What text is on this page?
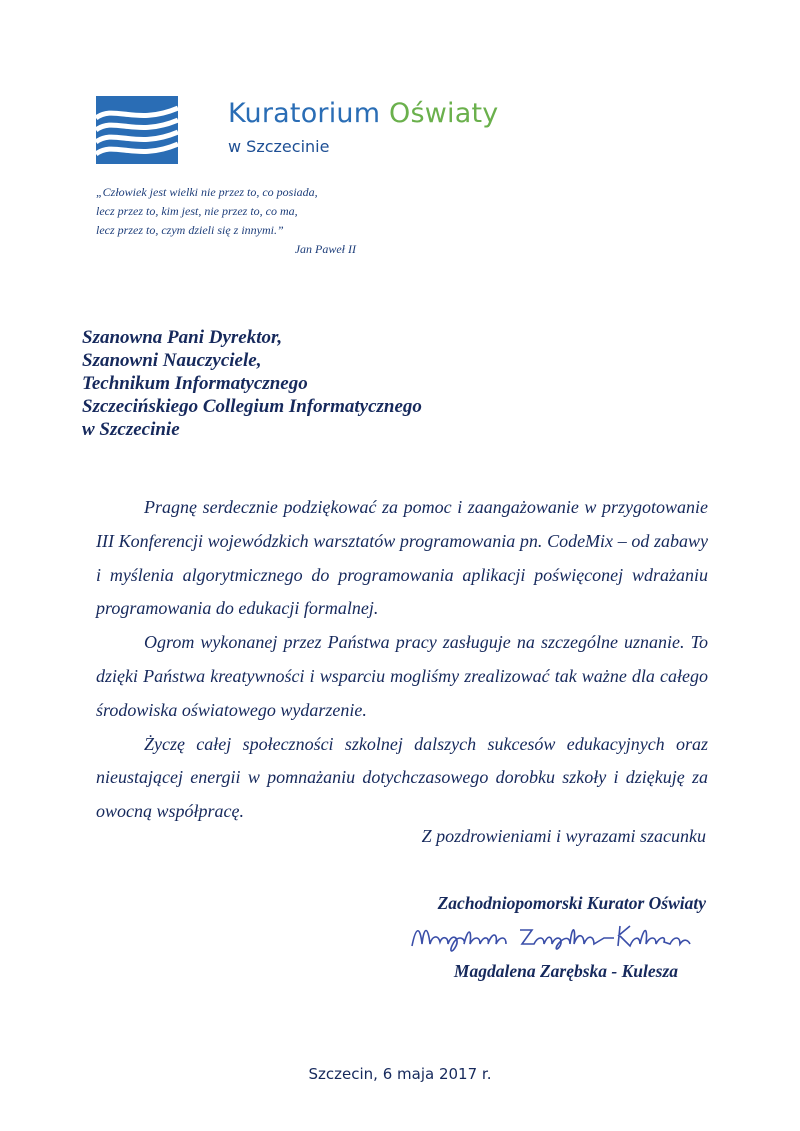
Kuratorium Oświaty
w Szczecinie
„Człowiek jest wielki nie przez to, co posiada,
lecz przez to, kim jest, nie przez to, co ma,
lecz przez to, czym dzieli się z innymi.”
Jan Paweł II
Szanowna Pani Dyrektor,
Szanowni Nauczyciele,
Technikum Informatycznego
Szczecińskiego Collegium Informatycznego
w Szczecinie

Pragnę serdecznie podziękować za pomoc i zaangażowanie w przygotowanie III Konferencji wojewódzkich warsztatów programowania pn. CodeMix – od zabawy i myślenia algorytmicznego do programowania aplikacji poświęconej wdrażaniu programowania do edukacji formalnej.

Ogrom wykonanej przez Państwa pracy zasługuje na szczególne uznanie. To dzięki Państwa kreatywności i wsparciu mogliśmy zrealizować tak ważne dla całego środowiska oświatowego wydarzenie.

Życzę całej społeczności szkolnej dalszych sukcesów edukacyjnych oraz nieustającej energii w pomnażaniu dotychczasowego dorobku szkoły i dziękuję za owocną współpracę.

Z pozdrowieniami i wyrazami szacunku
Zachodniopomorski Kurator Oświaty
Magdalena Zarębska - Kulesza
Szczecin, 6 maja 2017 r.
